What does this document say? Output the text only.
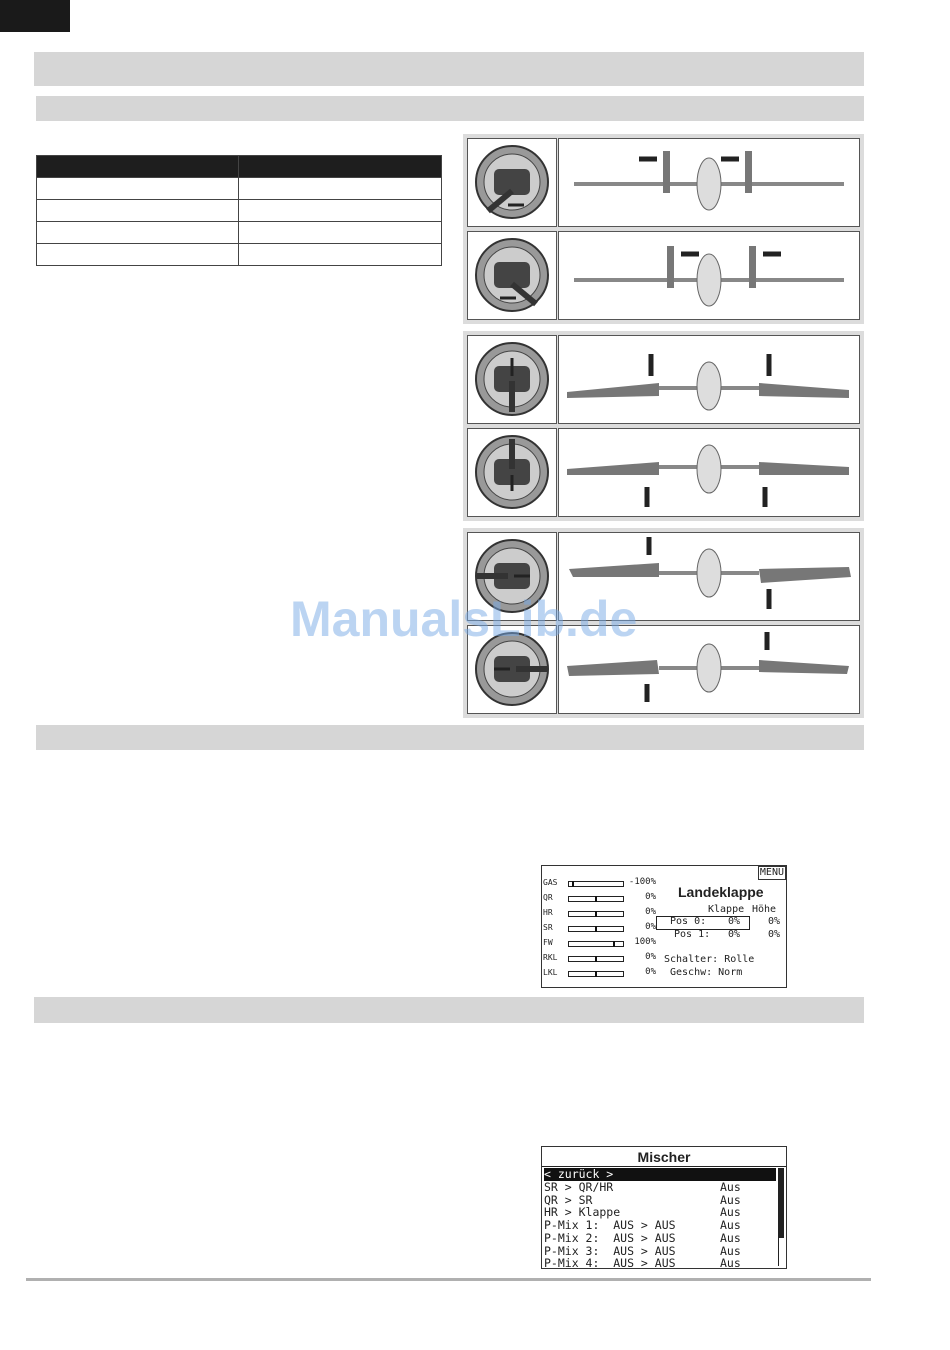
ManualsLib.de
MENÜ
Landeklappe
Klappe Höhe
Pos 0: 0%	0%
Pos 1: 0%	0%
Schalter: Rolle
Geschw: Norm
GAS	-100%
QR	0%
HR	0%
SR	0%
FW	100%
RKL	0%
LKL	0%
Mischer
< zurück >
SR > QR/HR	Aus
QR > SR	Aus
HR > Klappe	Aus
P-Mix 1:  AUS > AUS	Aus
P-Mix 2:  AUS > AUS	Aus
P-Mix 3:  AUS > AUS	Aus
P-Mix 4:  AUS > AUS	Aus
